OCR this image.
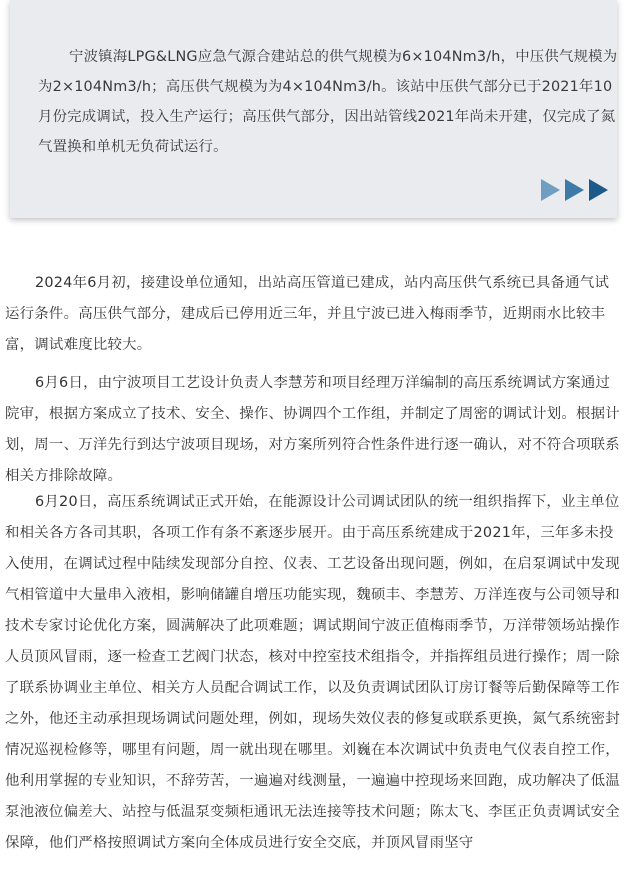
宁波镇海LPG&LNG应急气源合建站总的供气规模为6×104Nm3/h，中压供气规模为为2×104Nm3/h；高压供气规模为为4×104Nm3/h。该站中压供气部分已于2021年10月份完成调试，投入生产运行；高压供气部分，因出站管线2021年尚未开建，仅完成了氮气置换和单机无负荷试运行。

2024年6月初，接建设单位通知，出站高压管道已建成，站内高压供气系统已具备通气试运行条件。高压供气部分，建成后已停用近三年，并且宁波已进入梅雨季节，近期雨水比较丰富，调试难度比较大。

6月6日，由宁波项目工艺设计负责人李慧芳和项目经理万洋编制的高压系统调试方案通过院审，根据方案成立了技术、安全、操作、协调四个工作组，并制定了周密的调试计划。根据计划，周一、万洋先行到达宁波项目现场，对方案所列符合性条件进行逐一确认，对不符合项联系相关方排除故障。

6月20日，高压系统调试正式开始，在能源设计公司调试团队的统一组织指挥下，业主单位和相关各方各司其职，各项工作有条不紊逐步展开。由于高压系统建成于2021年，三年多未投入使用，在调试过程中陆续发现部分自控、仪表、工艺设备出现问题，例如，在启泵调试中发现气相管道中大量串入液相，影响储罐自增压功能实现，魏硕丰、李慧芳、万洋连夜与公司领导和技术专家讨论优化方案，圆满解决了此项难题；调试期间宁波正值梅雨季节，万洋带领场站操作人员顶风冒雨，逐一检查工艺阀门状态，核对中控室技术组指令，并指挥组员进行操作；周一除了联系协调业主单位、相关方人员配合调试工作，以及负责调试团队订房订餐等后勤保障等工作之外，他还主动承担现场调试问题处理，例如，现场失效仪表的修复或联系更换，氮气系统密封情况巡视检修等，哪里有问题，周一就出现在哪里。刘巍在本次调试中负责电气仪表自控工作，他利用掌握的专业知识，不辞劳苦，一遍遍对线测量，一遍遍中控现场来回跑，成功解决了低温泵池液位偏差大、站控与低温泵变频柜通讯无法连接等技术问题；陈太飞、李匡正负责调试安全保障，他们严格按照调试方案向全体成员进行安全交底，并顶风冒雨坚守
